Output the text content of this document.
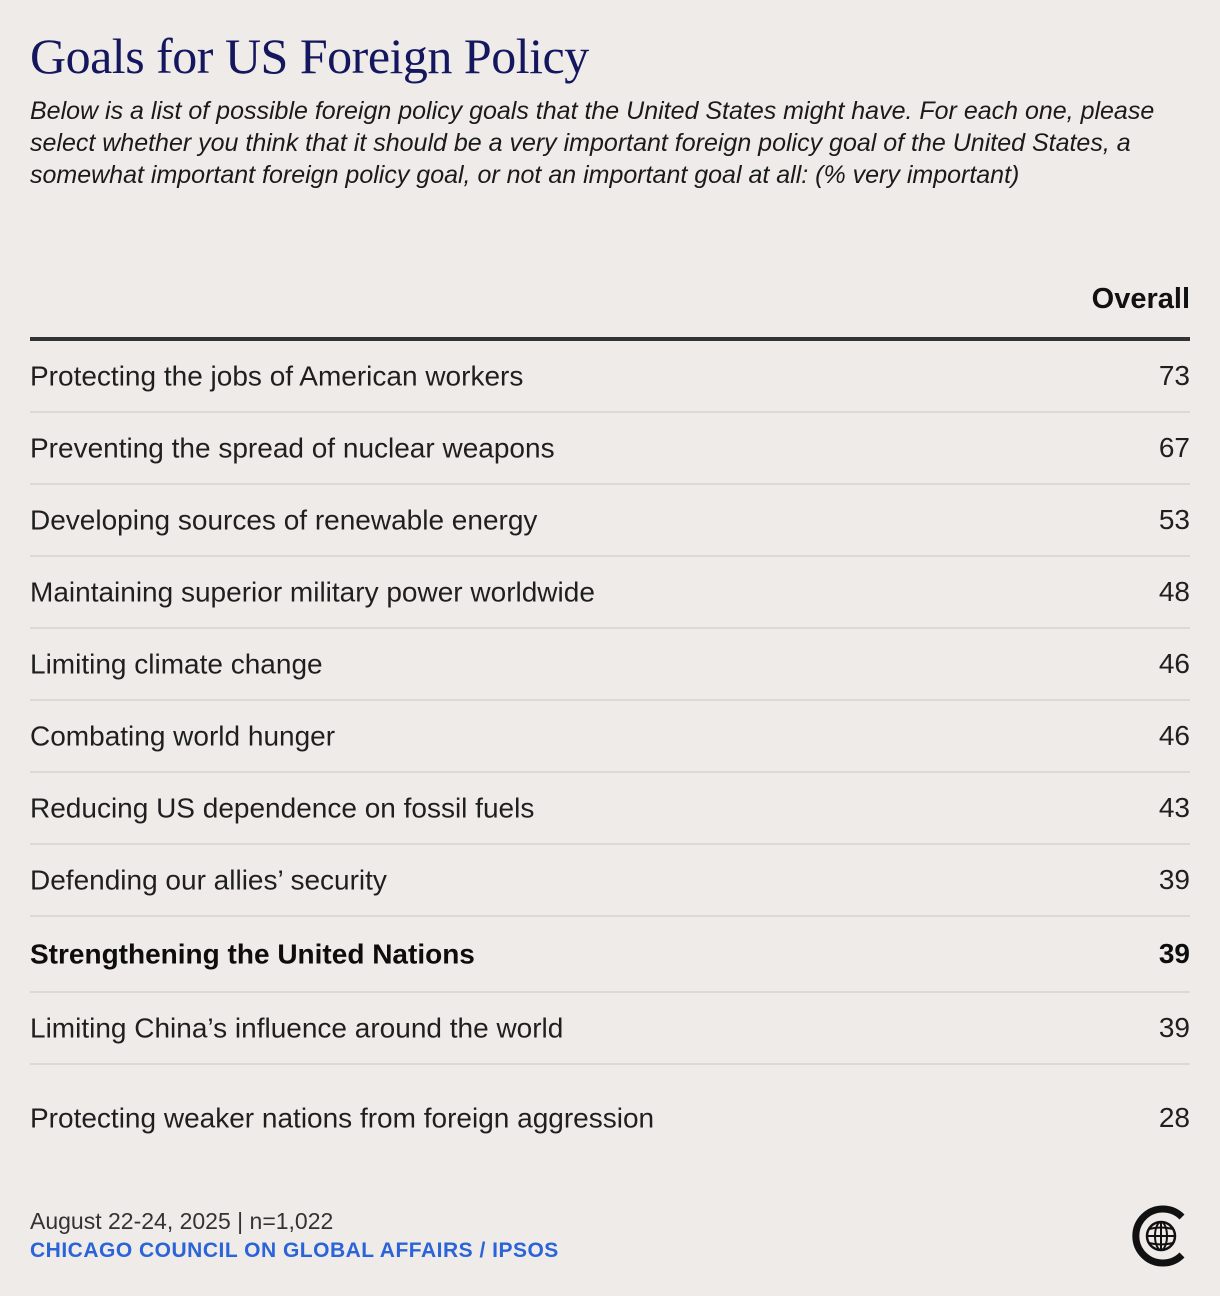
Goals for US Foreign Policy
Below is a list of possible foreign policy goals that the United States might have. For each one, please select whether you think that it should be a very important foreign policy goal of the United States, a somewhat important foreign policy goal, or not an important goal at all: (% very important)
Overall
Protecting the jobs of American workers	73
Preventing the spread of nuclear weapons	67
Developing sources of renewable energy	53
Maintaining superior military power worldwide	48
Limiting climate change	46
Combating world hunger	46
Reducing US dependence on fossil fuels	43
Defending our allies’ security	39
Strengthening the United Nations	39
Limiting China’s influence around the world	39
Protecting weaker nations from foreign aggression	28
August 22-24, 2025 | n=1,022
CHICAGO COUNCIL ON GLOBAL AFFAIRS / IPSOS
